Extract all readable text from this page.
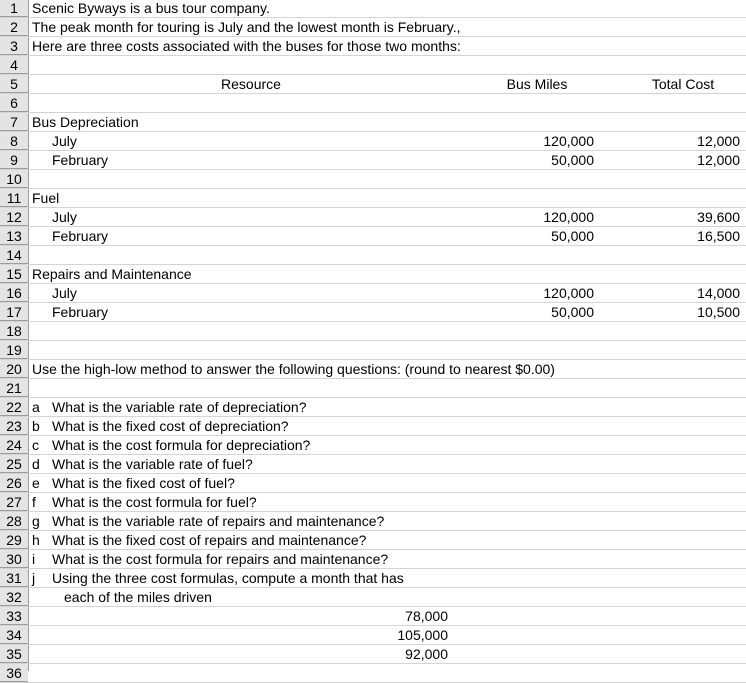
1	Scenic Byways is a bus tour company.
2	The peak month for touring is July and the lowest month is February.,
3	Here are three costs associated with the buses for those two months:
4
5	Resource	Bus Miles	Total Cost
6
7	Bus Depreciation
8	July	120,000	12,000
9	February	50,000	12,000
10
11 Fuel
12	July	120,000	39,600
13	February	50,000	16,500
14
15 Repairs and Maintenance
16	July	120,000	14,000
17	February	50,000	10,500
18
19
20 Use the high-low method to answer the following questions: (round to nearest $0.00)
21
22 a What is the variable rate of depreciation?
23 b What is the fixed cost of depreciation?
24 c What is the cost formula for depreciation?
25 d What is the variable rate of fuel?
26 e What is the fixed cost of fuel?
27 f What is the cost formula for fuel?
28 g What is the variable rate of repairs and maintenance?
29 h What is the fixed cost of repairs and maintenance?
30 i What is the cost formula for repairs and maintenance?
31 j Using the three cost formulas, compute a month that has
32	each of the miles driven
33	78,000
34	105,000
35	92,000
36
